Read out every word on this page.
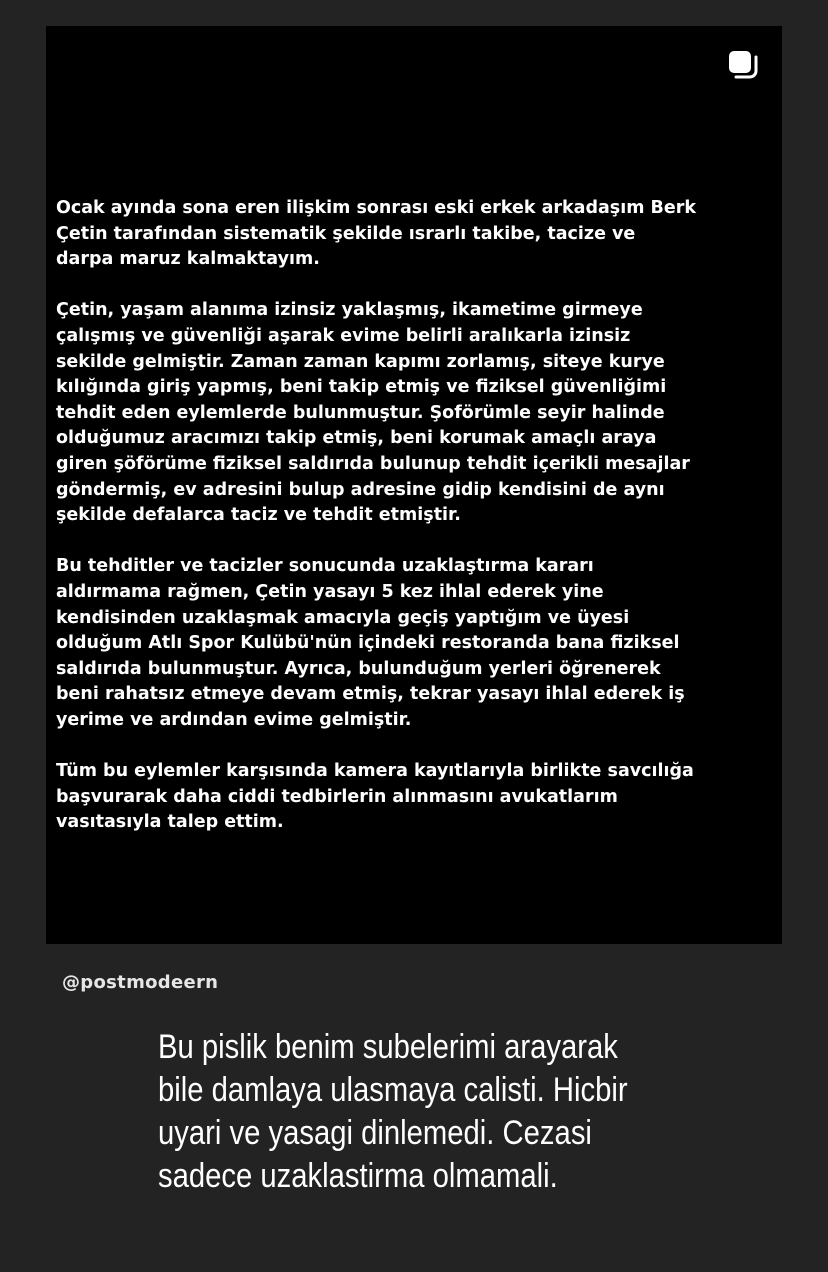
Ocak ayında sona eren ilişkim sonrası eski erkek arkadaşım Berk
Çetin tarafından sistematik şekilde ısrarlı takibe, tacize ve
darpa maruz kalmaktayım.

Çetin, yaşam alanıma izinsiz yaklaşmış, ikametime girmeye
çalışmış ve güvenliği aşarak evime belirli aralıkarla izinsiz
sekilde gelmiştir. Zaman zaman kapımı zorlamış, siteye kurye
kılığında giriş yapmış, beni takip etmiş ve fiziksel güvenliğimi
tehdit eden eylemlerde bulunmuştur. Şoförümle seyir halinde
olduğumuz aracımızı takip etmiş, beni korumak amaçlı araya
giren şöförüme fiziksel saldırıda bulunup tehdit içerikli mesajlar
göndermiş, ev adresini bulup adresine gidip kendisini de aynı
şekilde defalarca taciz ve tehdit etmiştir.

Bu tehditler ve tacizler sonucunda uzaklaştırma kararı
aldırmama rağmen, Çetin yasayı 5 kez ihlal ederek yine
kendisinden uzaklaşmak amacıyla geçiş yaptığım ve üyesi
olduğum Atlı Spor Kulübü'nün içindeki restoranda bana fiziksel
saldırıda bulunmuştur. Ayrıca, bulunduğum yerleri öğrenerek
beni rahatsız etmeye devam etmiş, tekrar yasayı ihlal ederek iş
yerime ve ardından evime gelmiştir.

Tüm bu eylemler karşısında kamera kayıtlarıyla birlikte savcılığa
başvurarak daha ciddi tedbirlerin alınmasını avukatlarım
vasıtasıyla talep ettim.

@postmodeern
Bu pislik benim subelerimi arayarak
bile damlaya ulasmaya calisti. Hicbir
uyari ve yasagi dinlemedi. Cezasi
sadece uzaklastirma olmamali.
